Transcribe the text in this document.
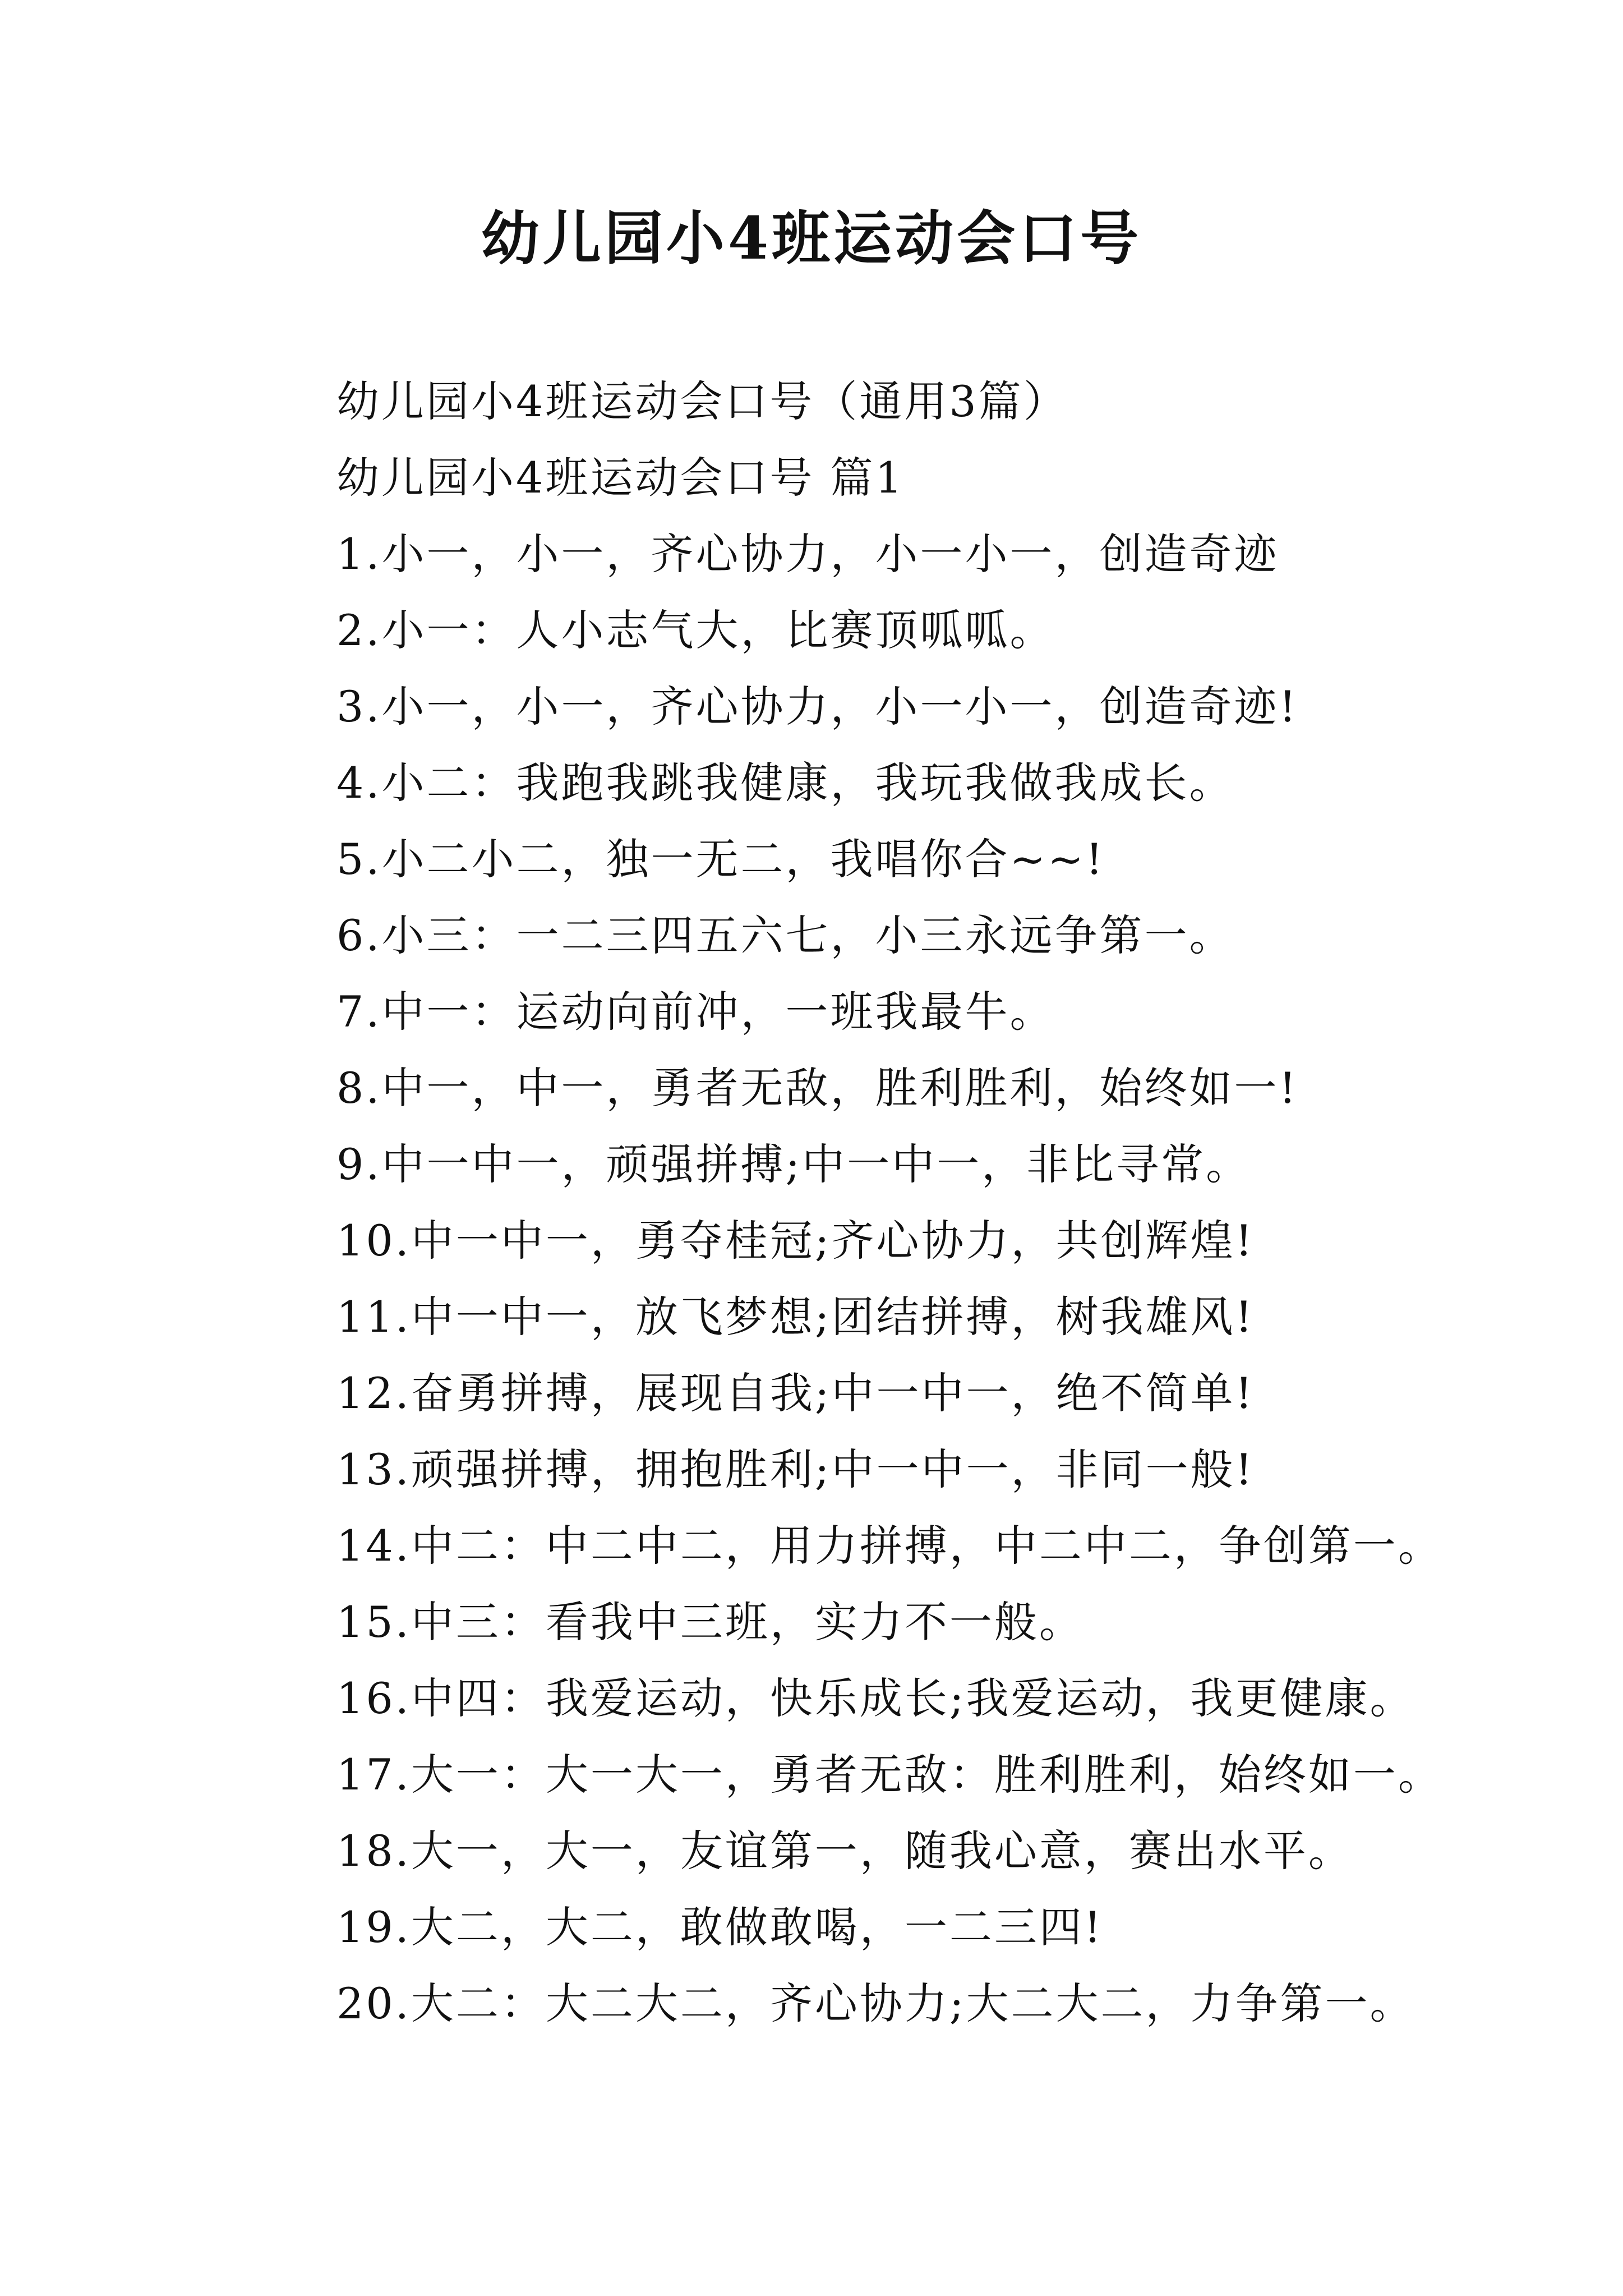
幼儿园小4班运动会口号
幼儿园小4班运动会口号（通用3篇）
幼儿园小4班运动会口号 篇1
1.小一，小一，齐心协力，小一小一，创造奇迹
2.小一：人小志气大，比赛顶呱呱。
3.小一，小一，齐心协力，小一小一，创造奇迹!
4.小二：我跑我跳我健康，我玩我做我成长。
5.小二小二，独一无二，我唱你合~~!
6.小三：一二三四五六七，小三永远争第一。
7.中一：运动向前冲，一班我最牛。
8.中一，中一，勇者无敌，胜利胜利，始终如一!
9.中一中一，顽强拼搏;中一中一，非比寻常。
10.中一中一，勇夺桂冠;齐心协力，共创辉煌!
11.中一中一，放飞梦想;团结拼搏，树我雄风!
12.奋勇拼搏，展现自我;中一中一，绝不简单!
13.顽强拼搏，拥抱胜利;中一中一，非同一般!
14.中二：中二中二，用力拼搏，中二中二，争创第一。
15.中三：看我中三班，实力不一般。
16.中四：我爱运动，快乐成长;我爱运动，我更健康。
17.大一：大一大一，勇者无敌：胜利胜利，始终如一。
18.大一，大一，友谊第一，随我心意，赛出水平。
19.大二，大二，敢做敢喝，一二三四!
20.大二：大二大二，齐心协力;大二大二，力争第一。
